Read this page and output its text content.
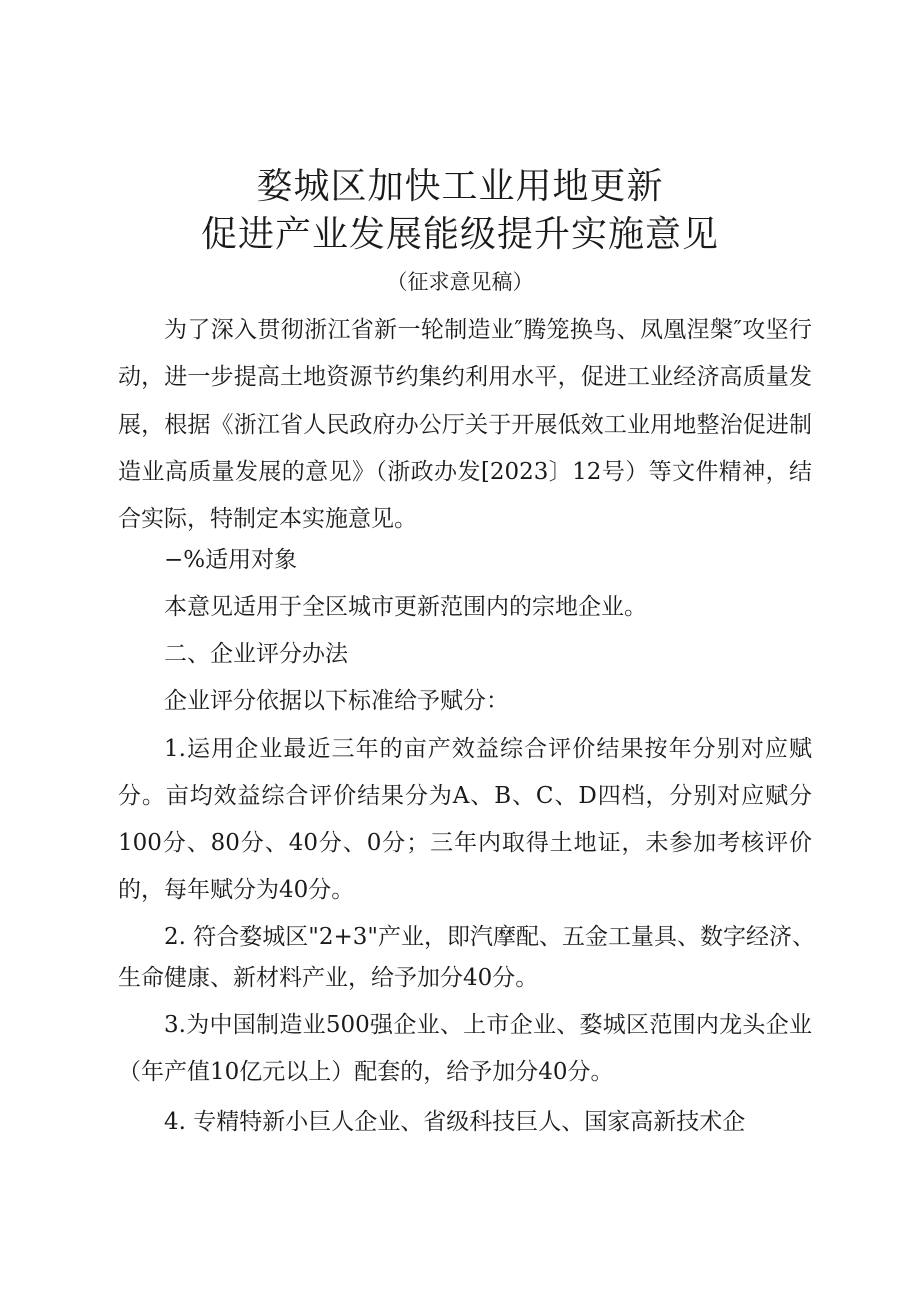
婺城区加快工业用地更新
促进产业发展能级提升实施意见
（征求意见稿）
为了深入贯彻浙江省新一轮制造业″腾笼换鸟、凤凰涅槃″攻坚行
动，进一步提高土地资源节约集约利用水平，促进工业经济高质量发
展，根据《浙江省人民政府办公厅关于开展低效工业用地整治促进制
造业高质量发展的意见》（浙政办发[2023〕12号）等文件精神，结
合实际，特制定本实施意见。
−%适用对象
本意见适用于全区城市更新范围内的宗地企业。
二、企业评分办法
企业评分依据以下标准给予赋分：
1.运用企业最近三年的亩产效益综合评价结果按年分别对应赋
分。亩均效益综合评价结果分为A、B、C、D四档，分别对应赋分
100分、80分、40分、0分；三年内取得土地证，未参加考核评价
的，每年赋分为40分。
2. 符合婺城区"2+3"产业，即汽摩配、五金工量具、数字经济、
生命健康、新材料产业，给予加分40分。
3.为中国制造业500强企业、上市企业、婺城区范围内龙头企业
（年产值10亿元以上）配套的，给予加分40分。
4. 专精特新小巨人企业、省级科技巨人、国家高新技术企
